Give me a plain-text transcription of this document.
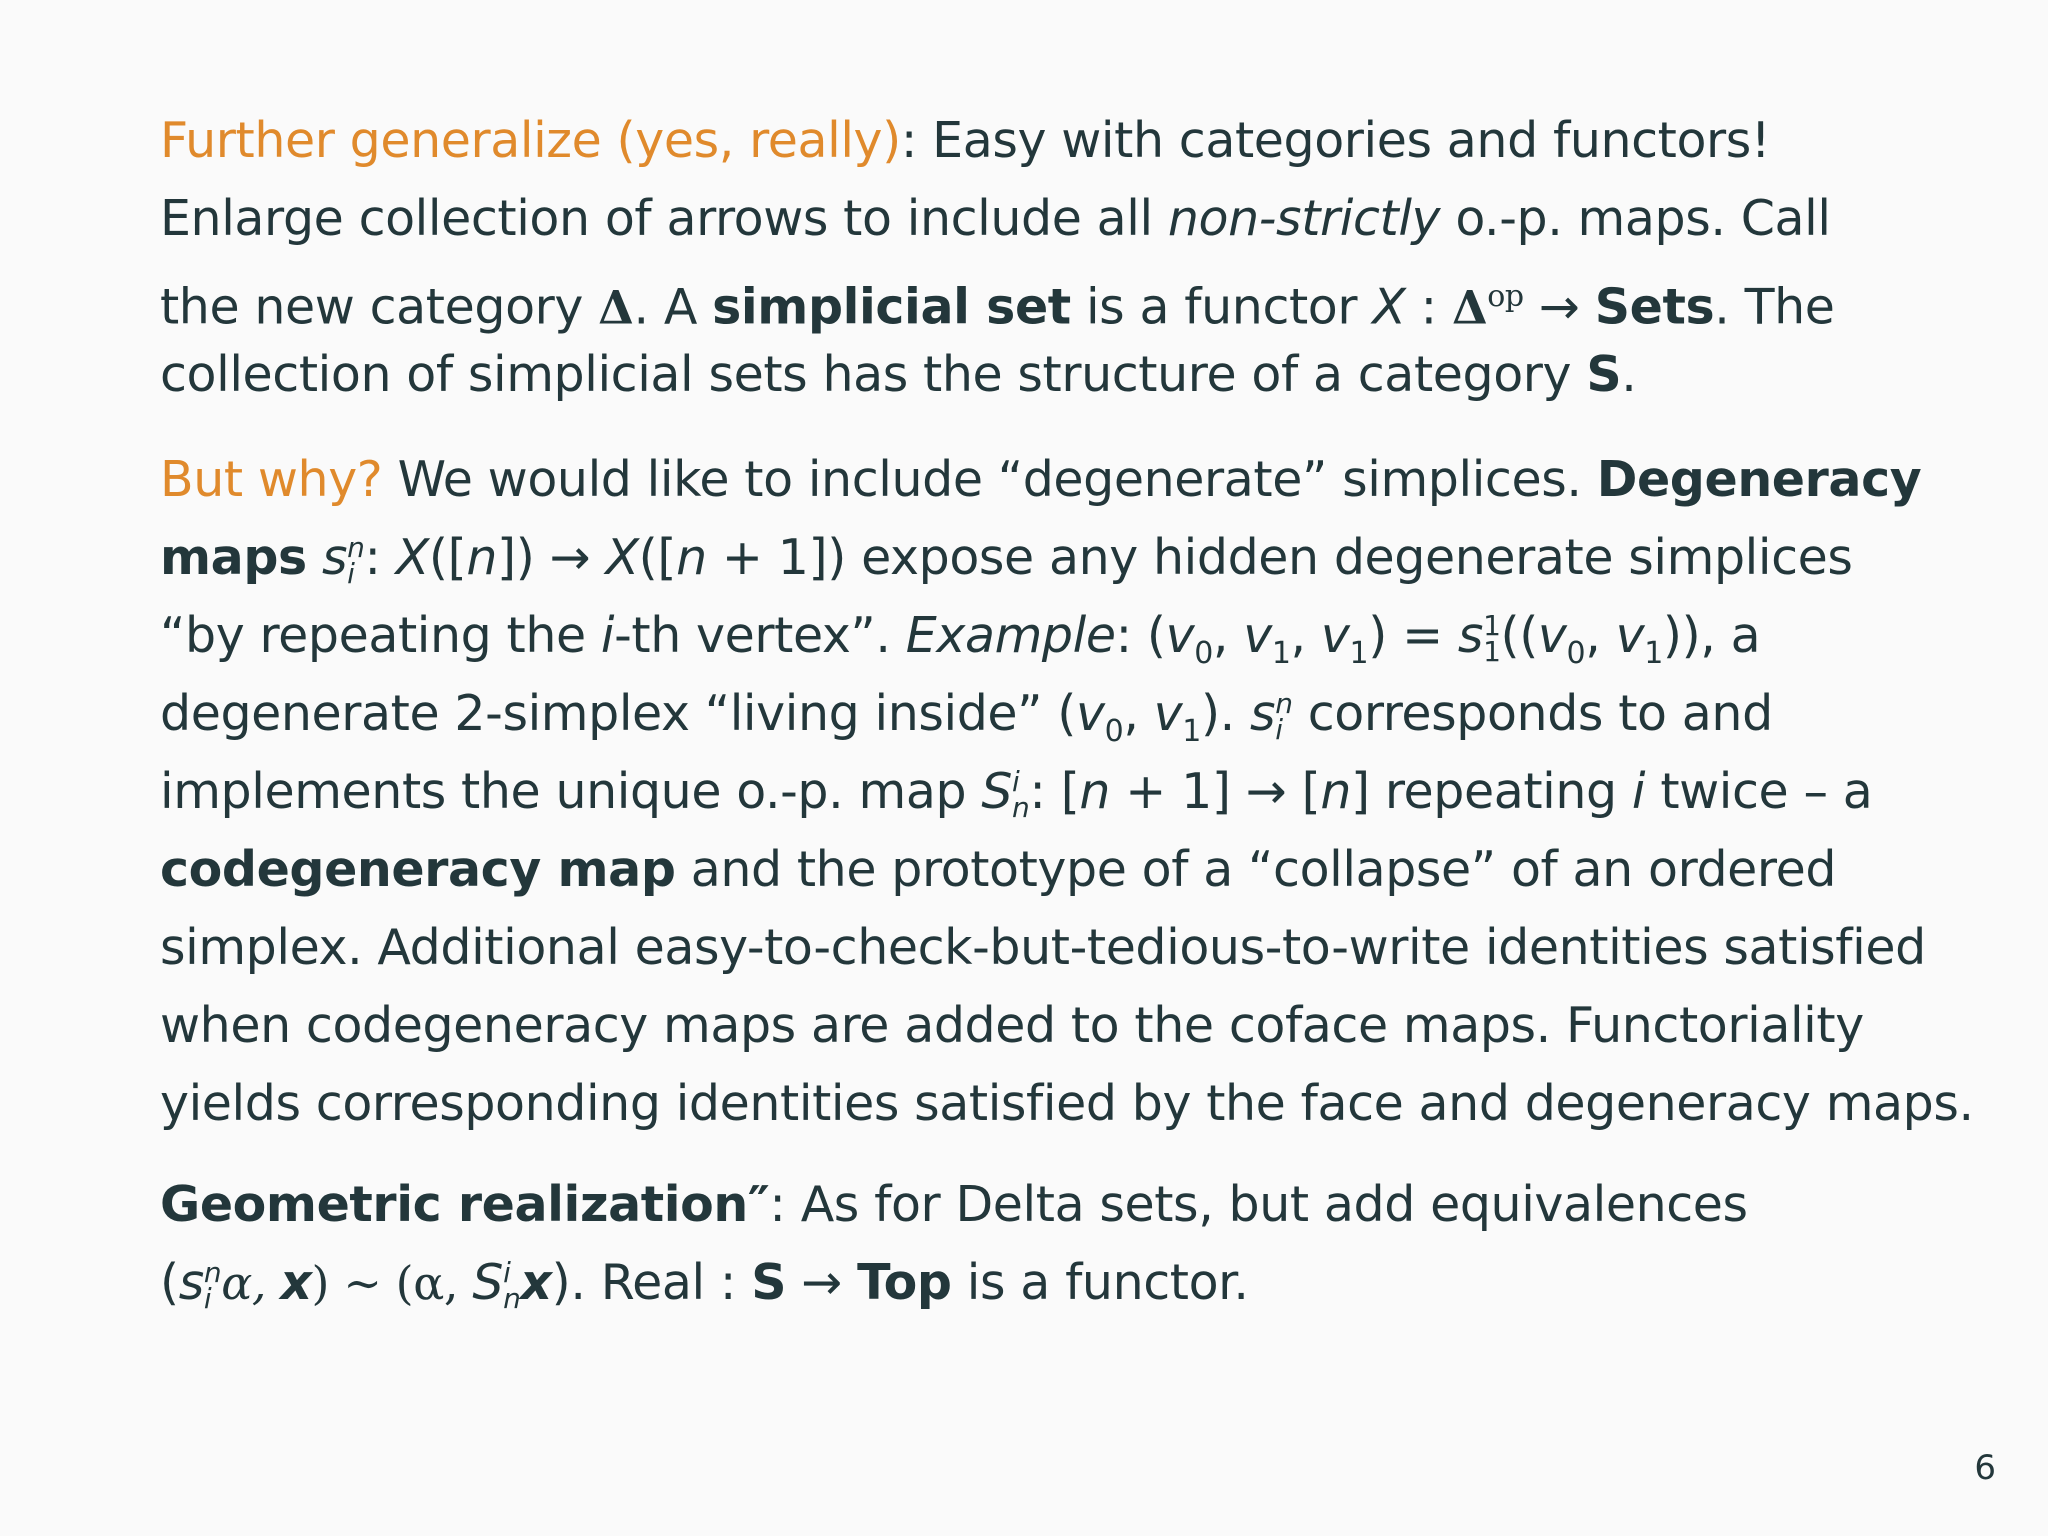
Further generalize (yes, really): Easy with categories and functors!
Enlarge collection of arrows to include all non-strictly o.-p. maps. Call
the new category Δ. A simplicial set is a functor X : $\Delta^{op}$ → Sets. The
collection of simplicial sets has the structure of a category S.
But why? We would like to include “degenerate” simplices. Degeneracy
maps s n
i : X([n]) → X([n + 1]) expose any hidden degenerate simplices
“by repeating the i-th vertex”. Example: ($v_0$, $v_1$, $v_1) = s$ 1
1 (($v_0$, $v_1$)), a
degenerate 2-simplex “living inside” ($v_0$, $v_1$). s n
i corresponds to and
implements the unique o.-p. map S i
n : [n + 1] → [n] repeating i twice – a
codegeneracy map and the prototype of a “collapse” of an ordered
simplex. Additional easy-to-check-but-tedious-to-write identities satisfied
when codegeneracy maps are added to the coface maps. Functoriality
yields corresponding identities satisfied by the face and degeneracy maps.
Geometric realization″: As for Delta sets, but add equivalences
(s n
i α, x) ∼ (α, S i
n x). Real : S → Top is a functor.
6
